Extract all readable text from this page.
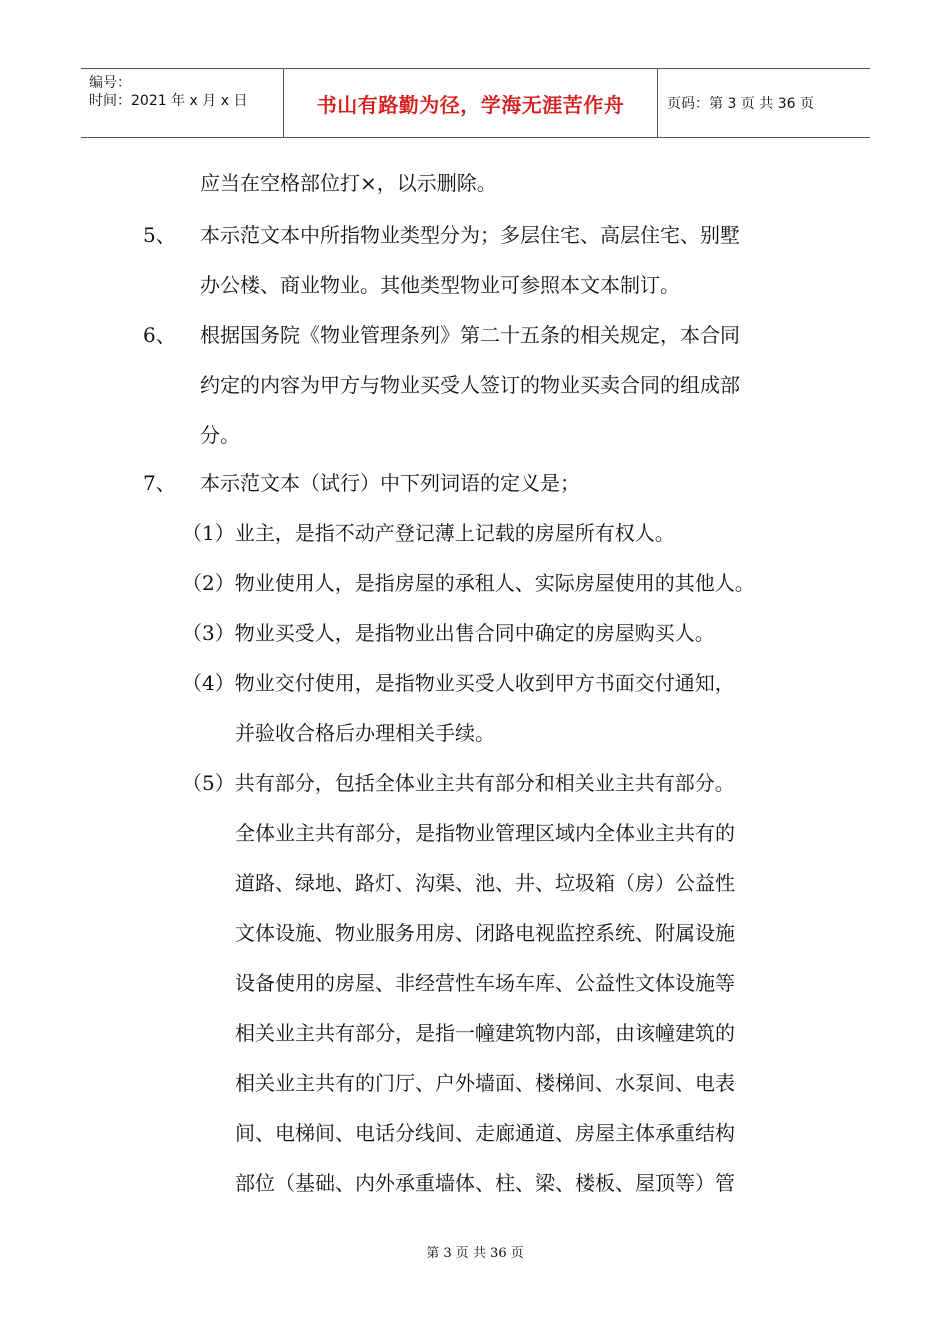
编号：
时间：2021 年 x 月 x 日	书山有路勤为径，学海无涯苦作舟	页码：第 3 页 共 36 页
应当在空格部位打×，以示删除。
5、 本示范文本中所指物业类型分为；多层住宅、高层住宅、别墅
办公楼、商业物业。其他类型物业可参照本文本制订。
6、 根据国务院《物业管理条列》第二十五条的相关规定，本合同
约定的内容为甲方与物业买受人签订的物业买卖合同的组成部
分。
7、 本示范文本（试行）中下列词语的定义是；
（1）业主，是指不动产登记薄上记载的房屋所有权人。
（2）物业使用人，是指房屋的承租人、实际房屋使用的其他人。
（3）物业买受人，是指物业出售合同中确定的房屋购买人。
（4）物业交付使用，是指物业买受人收到甲方书面交付通知，
并验收合格后办理相关手续。
（5）共有部分，包括全体业主共有部分和相关业主共有部分。
全体业主共有部分，是指物业管理区域内全体业主共有的
道路、绿地、路灯、沟渠、池、井、垃圾箱（房）公益性
文体设施、物业服务用房、闭路电视监控系统、附属设施
设备使用的房屋、非经营性车场车库、公益性文体设施等
相关业主共有部分，是指一幢建筑物内部，由该幢建筑的
相关业主共有的门厅、户外墙面、楼梯间、水泵间、电表
间、电梯间、电话分线间、走廊通道、房屋主体承重结构
部位（基础、内外承重墙体、柱、梁、楼板、屋顶等）管
第 3 页 共 36 页
